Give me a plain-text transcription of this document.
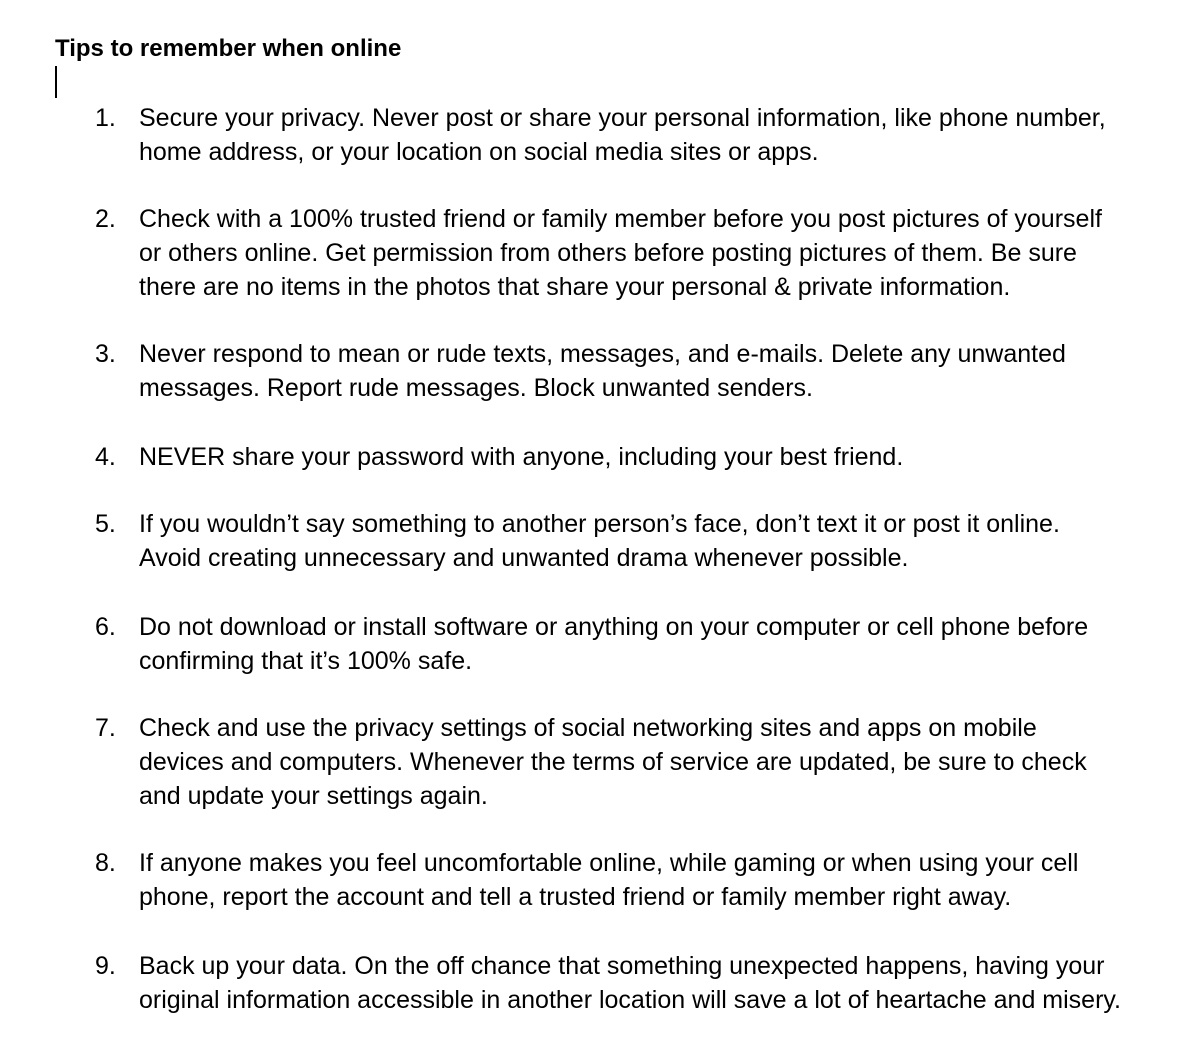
Tips to remember when online
1. Secure your privacy. Never post or share your personal information, like phone number,
home address, or your location on social media sites or apps.
2. Check with a 100% trusted friend or family member before you post pictures of yourself
or others online. Get permission from others before posting pictures of them. Be sure
there are no items in the photos that share your personal & private information.
3. Never respond to mean or rude texts, messages, and e-mails. Delete any unwanted
messages. Report rude messages. Block unwanted senders.
4. NEVER share your password with anyone, including your best friend.
5. If you wouldn’t say something to another person’s face, don’t text it or post it online.
Avoid creating unnecessary and unwanted drama whenever possible.
6. Do not download or install software or anything on your computer or cell phone before
confirming that it’s 100% safe.
7. Check and use the privacy settings of social networking sites and apps on mobile
devices and computers. Whenever the terms of service are updated, be sure to check
and update your settings again.
8. If anyone makes you feel uncomfortable online, while gaming or when using your cell
phone, report the account and tell a trusted friend or family member right away.
9. Back up your data. On the off chance that something unexpected happens, having your
original information accessible in another location will save a lot of heartache and misery.
